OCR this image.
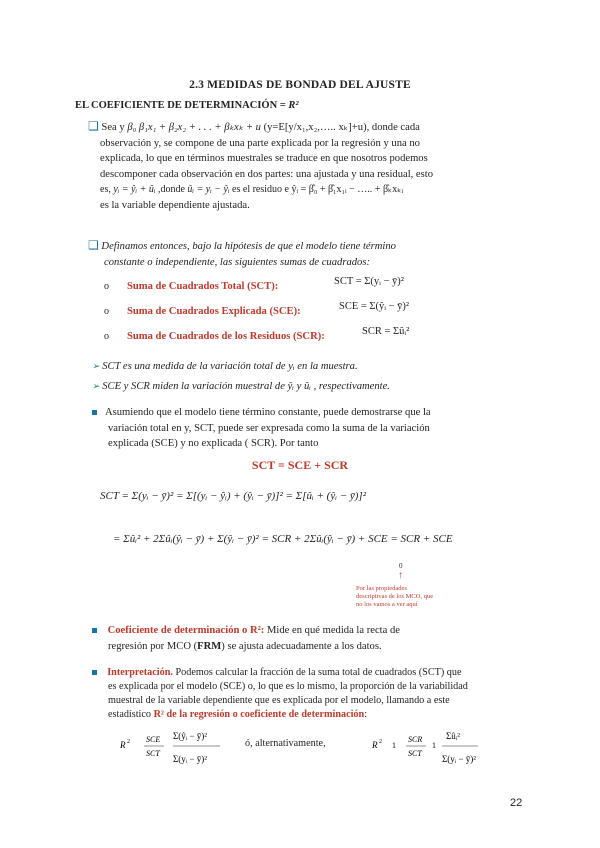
2.3 MEDIDAS DE BONDAD DEL AJUSTE
EL COEFICIENTE DE DETERMINACIÓN = R²
❑ Sea y β₀ β₁x₁ + β₂x₂ + . . . + βₖxₖ + u (y=E[y/x₁,x₂,….. xₖ]+u), donde cada
observación y, se compone de una parte explicada por la regresión y una no
explicada, lo que en términos muestrales se traduce en que nosotros podemos
descomponer cada observación en dos partes: una ajustada y una residual, esto
es, yᵢ = ŷᵢ + ûᵢ ,donde ûᵢ = yᵢ − ŷᵢ es el residuo e ŷᵢ = β̂₀ + β̂₁x₁ᵢ − ….. + β̂ₖxₖᵢ
es la variable dependiente ajustada.
❑ Definamos entonces, bajo la hipótesis de que el modelo tiene término
constante o independiente, las siguientes sumas de cuadrados:
o Suma de Cuadrados Total (SCT):	SCT = Σ(yᵢ − ȳ)²
o Suma de Cuadrados Explicada (SCE):	SCE = Σ(ŷᵢ − ȳ)²
o Suma de Cuadrados de los Residuos (SCR):	SCR = Σûᵢ²
➢ SCT es una medida de la variación total de yᵢ en la muestra.
➢ SCE y SCR miden la variación muestral de ŷᵢ y ûᵢ , respectivamente.
Asumiendo que el modelo tiene término constante, puede demostrarse que la
variación total en y, SCT, puede ser expresada como la suma de la variación
explicada (SCE) y no explicada ( SCR). Por tanto
SCT = SCE + SCR
SCT = Σ(yᵢ − ȳ)² = Σ[(yᵢ − ŷᵢ) + (ŷᵢ − ȳ)]² = Σ[ûᵢ + (ŷᵢ − ȳ)]²
= Σûᵢ² + 2Σûᵢ(ŷᵢ − ȳ) + Σ(ŷᵢ − ȳ)² = SCR + 2Σûᵢ(ŷᵢ − ȳ) + SCE = SCR + SCE
0
↑
Por las propiedades
descriptivas de los MCO, que
no los vamos a ver aquí
Coeficiente de determinación o R²: Mide en qué medida la recta de
regresión por MCO (FRM) se ajusta adecuadamente a los datos.
Interpretación. Podemos calcular la fracción de la suma total de cuadrados (SCT) que
es explicada por el modelo (SCE) o, lo que es lo mismo, la proporción de la variabilidad
muestral de la variable dependiente que es explicada por el modelo, llamando a este
estadístico R² de la regresión o coeficiente de determinación:
R 2 SCE
SCT
Σ(ŷᵢ − ȳ)²
Σ(yᵢ − ȳ)²
ó, alternativamente,	R 2 1
SCR
SCT
1
Σûᵢ²
Σ(yᵢ − ȳ)²
22
